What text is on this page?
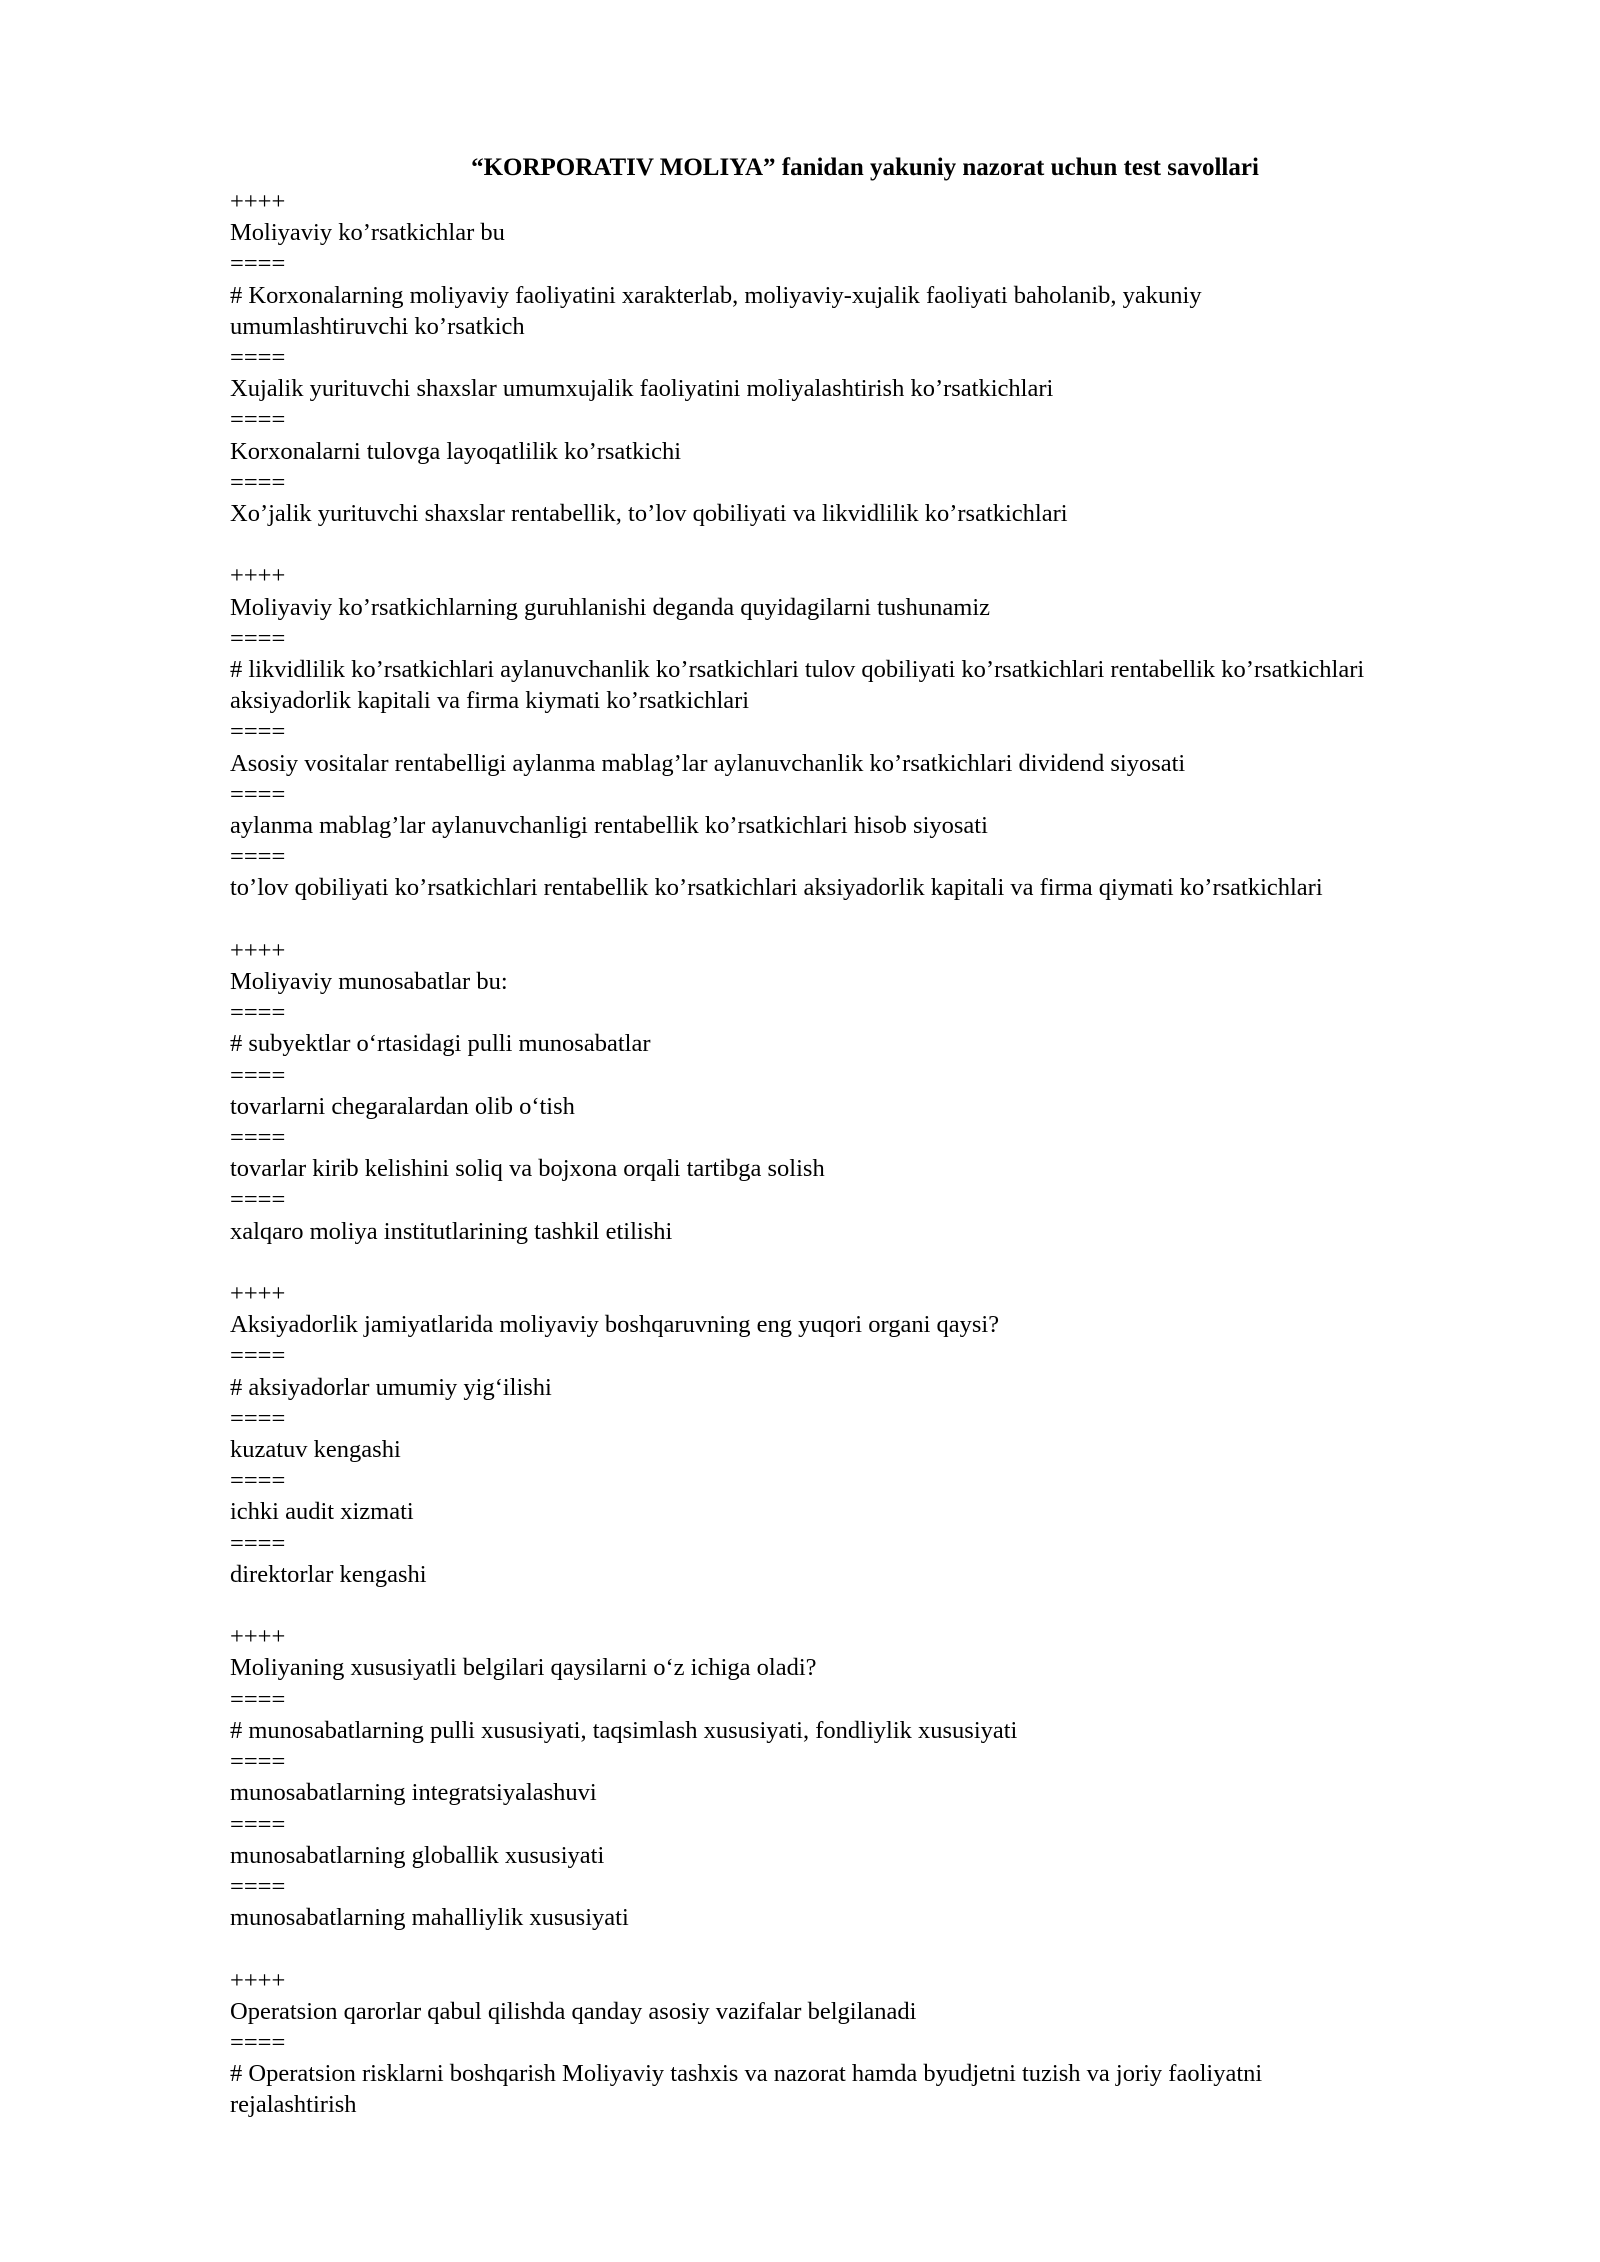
“KORPORATIV MOLIYA” fanidan yakuniy nazorat uchun test savollari
++++
Moliyaviy ko’rsatkichlar bu
====
# Korxonalarning moliyaviy faoliyatini xarakterlab, moliyaviy-xujalik faoliyati baholanib, yakuniy
umumlashtiruvchi ko’rsatkich
====
Xujalik yurituvchi shaxslar umumxujalik faoliyatini moliyalashtirish ko’rsatkichlari
====
Korxonalarni tulovga layoqatlilik ko’rsatkichi
====
Xo’jalik yurituvchi shaxslar rentabellik, to’lov qobiliyati va likvidlilik ko’rsatkichlari
++++
Moliyaviy ko’rsatkichlarning guruhlanishi deganda quyidagilarni tushunamiz
====
# likvidlilik ko’rsatkichlari aylanuvchanlik ko’rsatkichlari tulov qobiliyati ko’rsatkichlari rentabellik ko’rsatkichlari
aksiyadorlik kapitali va firma kiymati ko’rsatkichlari
====
Asosiy vositalar rentabelligi aylanma mablag’lar aylanuvchanlik ko’rsatkichlari dividend siyosati
====
aylanma mablag’lar aylanuvchanligi rentabellik ko’rsatkichlari hisob siyosati
====
to’lov qobiliyati ko’rsatkichlari rentabellik ko’rsatkichlari aksiyadorlik kapitali va firma qiymati ko’rsatkichlari
++++
Moliyaviy munosabatlar bu:
====
# subyektlar o‘rtasidagi pulli munosabatlar
====
tovarlarni chegaralardan olib o‘tish
====
tovarlar kirib kelishini soliq va bojxona orqali tartibga solish
====
xalqaro moliya institutlarining tashkil etilishi
++++
Aksiyadorlik jamiyatlarida moliyaviy boshqaruvning eng yuqori organi qaysi?
====
# aksiyadorlar umumiy yig‘ilishi
====
kuzatuv kengashi
====
ichki audit xizmati
====
direktorlar kengashi
++++
Moliyaning xususiyatli belgilari qaysilarni o‘z ichiga oladi?
====
# munosabatlarning pulli xususiyati, taqsimlash xususiyati, fondliylik xususiyati
====
munosabatlarning integratsiyalashuvi
====
munosabatlarning globallik xususiyati
====
munosabatlarning mahalliylik xususiyati
++++
Operatsion qarorlar qabul qilishda qanday asosiy vazifalar belgilanadi
====
# Operatsion risklarni boshqarish Moliyaviy tashxis va nazorat hamda byudjetni tuzish va joriy faoliyatni
rejalashtirish
